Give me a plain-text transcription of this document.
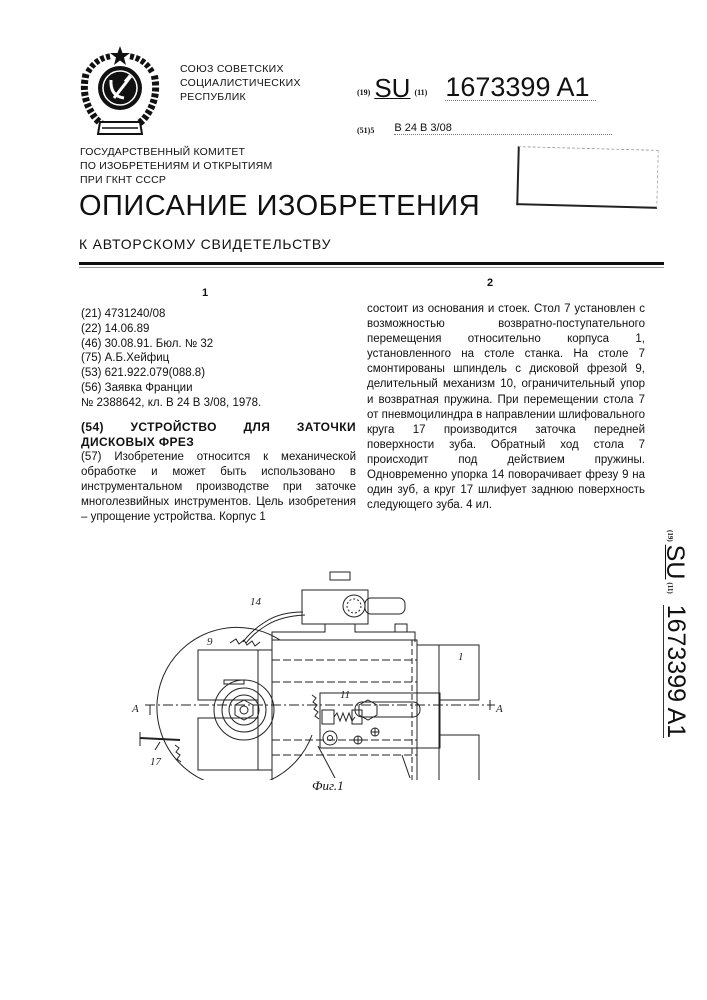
СОЮЗ СОВЕТСКИХ
СОЦИАЛИСТИЧЕСКИХ
РЕСПУБЛИК
ГОСУДАРСТВЕННЫЙ КОМИТЕТ
ПО ИЗОБРЕТЕНИЯМ И ОТКРЫТИЯМ
ПРИ ГКНТ СССР
(19) SU (11) 1673399 A1
(51)5 B 24 B 3/08
ОПИСАНИЕ ИЗОБРЕТЕНИЯ
К АВТОРСКОМУ СВИДЕТЕЛЬСТВУ
1
2
(21) 4731240/08
(22) 14.06.89
(46) 30.08.91. Бюл. № 32
(75) А.Б.Хейфиц
(53) 621.922.079(088.8)
(56) Заявка Франции
№ 2388642, кл. B 24 B 3/08, 1978.
(54) УСТРОЙСТВО ДЛЯ ЗАТОЧКИ ДИСКОВЫХ ФРЕЗ
(57) Изобретение относится к механической обработке и может быть использовано в инструментальном производстве при заточке многолезвийных инструментов. Цель изобретения – упрощение устройства. Корпус 1
состоит из основания и стоек. Стол 7 установлен с возможностью возвратно-поступательного перемещения относительно корпуса 1, установленного на столе станка. На столе 7 смонтированы шпиндель с дисковой фрезой 9, делительный механизм 10, ограничительный упор и возвратная пружина. При перемещении стола 7 от пневмоцилиндра в направлении шлифовального круга 17 производится заточка передней поверхности зуба. Обратный ход стола 7 происходит под действием пружины. Одновременно упорка 14 поворачивает фрезу 9 на один зуб, а круг 17 шлифует заднюю поверхность следующего зуба. 4 ил.
(19)
SU
(11)
1673399 A1
9
14
1
11
A	A
17
Фиг.1
